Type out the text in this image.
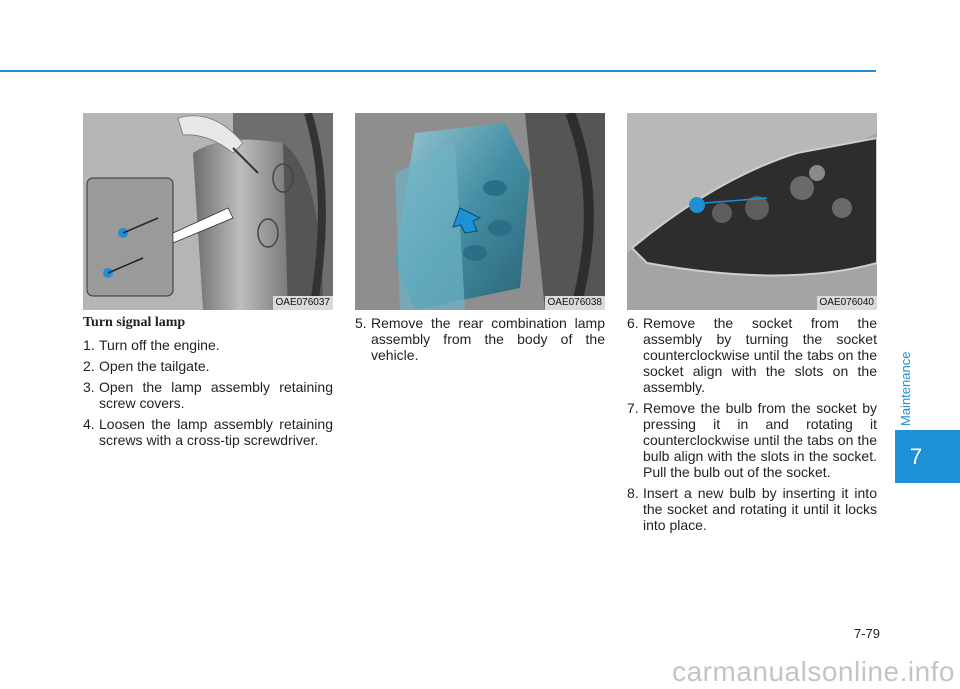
OAE076037	OAE076038	OAE076040
Turn signal lamp
1. Turn off the engine.
2. Open the tailgate.
3. Open the lamp assembly retaining screw covers.
4. Loosen the lamp assembly retaining screws with a cross-tip screwdriver.
5. Remove the rear combination lamp assembly from the body of the vehicle.
6. Remove the socket from the assembly by turning the socket counterclockwise until the tabs on the socket align with the slots on the assembly.
7. Remove the bulb from the socket by pressing it in and rotating it counterclockwise until the tabs on the bulb align with the slots in the socket. Pull the bulb out of the socket.
8. Insert a new bulb by inserting it into the socket and rotating it until it locks into place.
Maintenance
7
7-79
carmanualsonline.info
